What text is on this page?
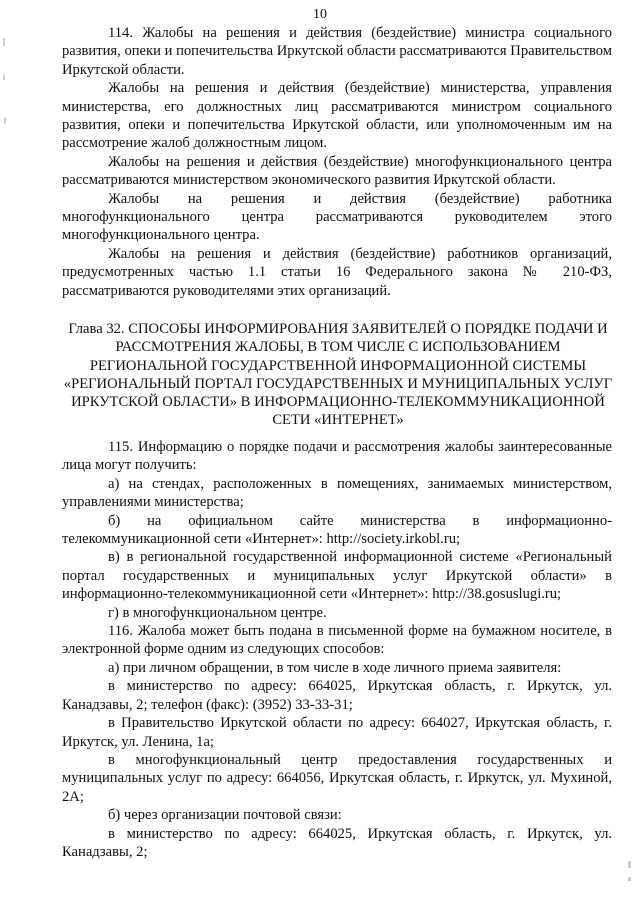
10

114. Жалобы на решения и действия (бездействие) министра социального развития, опеки и попечительства Иркутской области рассматриваются Правительством Иркутской области.

Жалобы на решения и действия (бездействие) министерства, управления министерства, его должностных лиц рассматриваются министром социального развития, опеки и попечительства Иркутской области, или уполномоченным им на рассмотрение жалоб должностным лицом.

Жалобы на решения и действия (бездействие) многофункционального центра рассматриваются министерством экономического развития Иркутской области.

Жалобы на решения и действия (бездействие) работника многофункционального центра рассматриваются руководителем этого многофункционального центра.

Жалобы на решения и действия (бездействие) работников организаций, предусмотренных частью 1.1 статьи 16 Федерального закона № 210-ФЗ, рассматриваются руководителями этих организаций.

Глава 32. СПОСОБЫ ИНФОРМИРОВАНИЯ ЗАЯВИТЕЛЕЙ О ПОРЯДКЕ ПОДАЧИ И РАССМОТРЕНИЯ ЖАЛОБЫ, В ТОМ ЧИСЛЕ С ИСПОЛЬЗОВАНИЕМ РЕГИОНАЛЬНОЙ ГОСУДАРСТВЕННОЙ ИНФОРМАЦИОННОЙ СИСТЕМЫ «РЕГИОНАЛЬНЫЙ ПОРТАЛ ГОСУДАРСТВЕННЫХ И МУНИЦИПАЛЬНЫХ УСЛУГ ИРКУТСКОЙ ОБЛАСТИ» В ИНФОРМАЦИОННО-ТЕЛЕКОММУНИКАЦИОННОЙ СЕТИ «ИНТЕРНЕТ»

115. Информацию о порядке подачи и рассмотрения жалобы заинтересованные лица могут получить:

а) на стендах, расположенных в помещениях, занимаемых министерством, управлениями министерства;

б) на официальном сайте министерства в информационно-телекоммуникационной сети «Интернет»: http://society.irkobl.ru;

в) в региональной государственной информационной системе «Региональный портал государственных и муниципальных услуг Иркутской области» в информационно-телекоммуникационной сети «Интернет»: http://38.gosuslugi.ru;

г) в многофункциональном центре.

116. Жалоба может быть подана в письменной форме на бумажном носителе, в электронной форме одним из следующих способов:

а) при личном обращении, в том числе в ходе личного приема заявителя:

в министерство по адресу: 664025, Иркутская область, г. Иркутск, ул. Канадзавы, 2; телефон (факс): (3952) 33-33-31;

в Правительство Иркутской области по адресу: 664027, Иркутская область, г. Иркутск, ул. Ленина, 1а;

в многофункциональный центр предоставления государственных и муниципальных услуг по адресу: 664056, Иркутская область, г. Иркутск, ул. Мухиной, 2А;

б) через организации почтовой связи:

в министерство по адресу: 664025, Иркутская область, г. Иркутск, ул. Канадзавы, 2;
